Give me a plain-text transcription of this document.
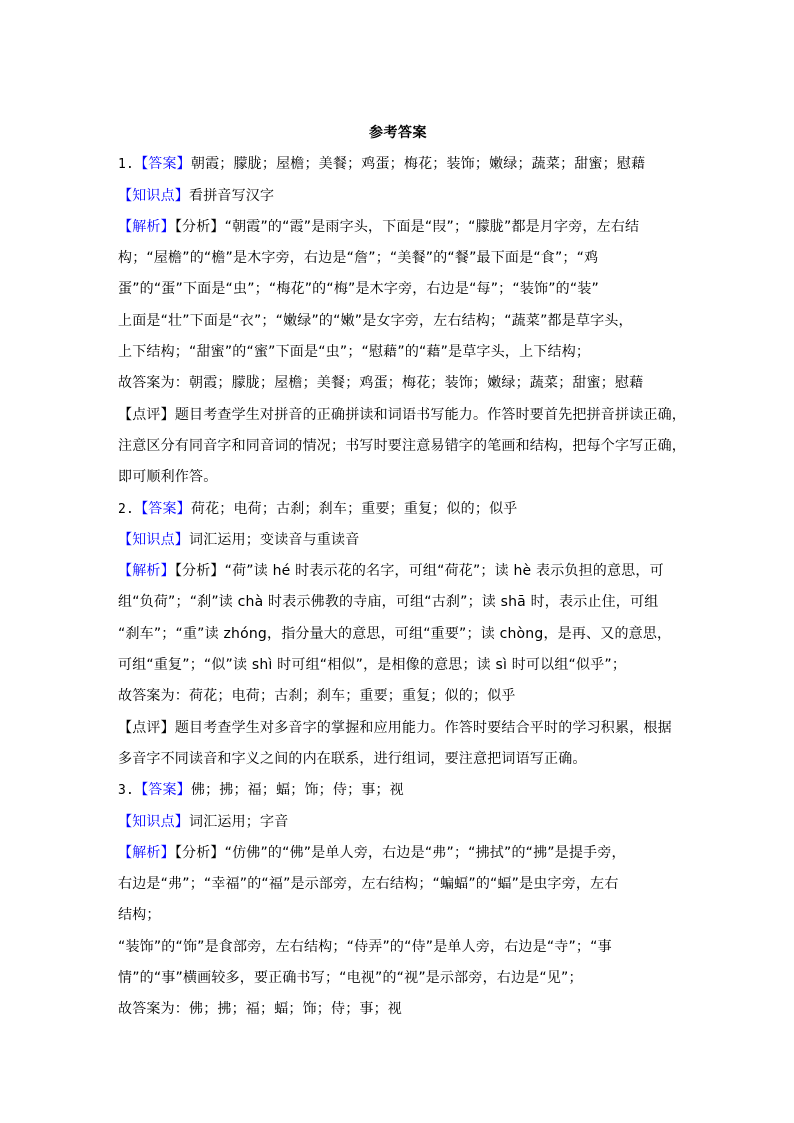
参考答案
1.【答案】朝霞；朦胧；屋檐；美餐；鸡蛋；梅花；装饰；嫩绿；蔬菜；甜蜜；慰藉
【知识点】看拼音写汉字
【解析】【分析】“朝霞”的“霞”是雨字头，下面是“叚”；“朦胧”都是月字旁，左右结
构；“屋檐”的“檐”是木字旁，右边是“詹”；“美餐”的“餐”最下面是“食”；“鸡
蛋”的“蛋”下面是“虫”；“梅花”的“梅”是木字旁，右边是“每”；“装饰”的“装”
上面是“壮”下面是“衣”；“嫩绿”的“嫩”是女字旁，左右结构；“蔬菜”都是草字头，
上下结构；“甜蜜”的“蜜”下面是“虫”；“慰藉”的“藉”是草字头，上下结构；
故答案为：朝霞；朦胧；屋檐；美餐；鸡蛋；梅花；装饰；嫩绿；蔬菜；甜蜜；慰藉
【点评】题目考查学生对拼音的正确拼读和词语书写能力。作答时要首先把拼音拼读正确，
注意区分有同音字和同音词的情况；书写时要注意易错字的笔画和结构，把每个字写正确，
即可顺利作答。
2.【答案】荷花；电荷；古刹；刹车；重要；重复；似的；似乎
【知识点】词汇运用；变读音与重读音
【解析】【分析】“荷”读 hé 时表示花的名字，可组“荷花”；读 hè 表示负担的意思，可
组“负荷”；“刹”读 chà 时表示佛教的寺庙，可组“古刹”；读 shā 时，表示止住，可组
“刹车”；“重”读 zhóng，指分量大的意思，可组“重要”；读 chòng，是再、又的意思，
可组“重复”；“似”读 shì 时可组“相似”，是相像的意思；读 sì 时可以组“似乎”；
故答案为：荷花；电荷；古刹；刹车；重要；重复；似的；似乎
【点评】题目考查学生对多音字的掌握和应用能力。作答时要结合平时的学习积累，根据
多音字不同读音和字义之间的内在联系，进行组词，要注意把词语写正确。
3.【答案】佛；拂；福；蝠；饰；侍；事；视
【知识点】词汇运用；字音
【解析】【分析】“仿佛”的“佛”是单人旁，右边是“弗”；“拂拭”的“拂”是提手旁，
右边是“弗”；“幸福”的“福”是示部旁，左右结构；“蝙蝠”的“蝠”是虫字旁，左右
结构；
“装饰”的“饰”是食部旁，左右结构；“侍弄”的“侍”是单人旁，右边是“寺”；“事
情”的“事”横画较多，要正确书写；“电视”的“视”是示部旁，右边是“见”；
故答案为：佛；拂；福；蝠；饰；侍；事；视
